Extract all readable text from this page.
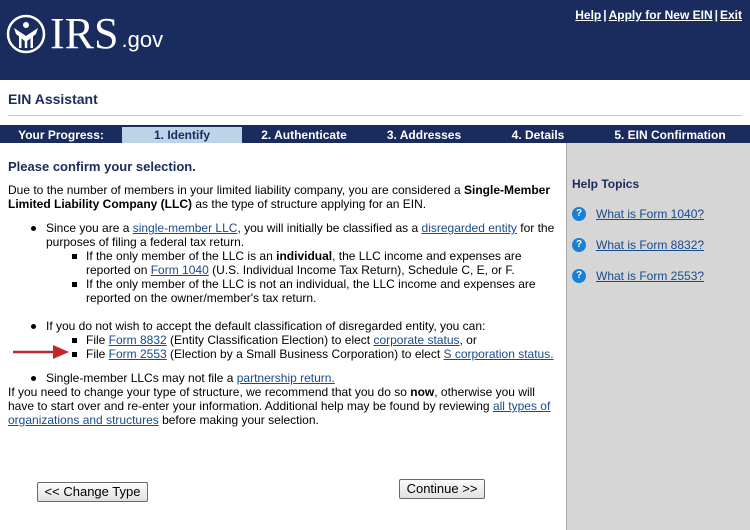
IRS .gov
Help | Apply for New EIN | Exit
EIN Assistant
Your Progress:	1. Identify	2. Authenticate	3. Addresses	4. Details	5. EIN Confirmation
Please confirm your selection.

Due to the number of members in your limited liability company, you are considered a Single-Member Limited Liability Company (LLC) as the type of structure applying for an EIN.

Since you are a single-member LLC, you will initially be classified as a disregarded entity for the purposes of filing a federal tax return.
If the only member of the LLC is an individual, the LLC income and expenses are reported on Form 1040 (U.S. Individual Income Tax Return), Schedule C, E, or F.
If the only member of the LLC is not an individual, the LLC income and expenses are reported on the owner/member's tax return.
If you do not wish to accept the default classification of disregarded entity, you can:
File Form 8832 (Entity Classification Election) to elect corporate status, or
File Form 2553 (Election by a Small Business Corporation) to elect S corporation status.
Single-member LLCs may not file a partnership return.

If you need to change your type of structure, we recommend that you do so now, otherwise you will have to start over and re-enter your information. Additional help may be found by reviewing all types of organizations and structures before making your selection.

<< Change Type	Continue >>
Help Topics
?	What is Form 1040?
?	What is Form 8832?
?	What is Form 2553?
